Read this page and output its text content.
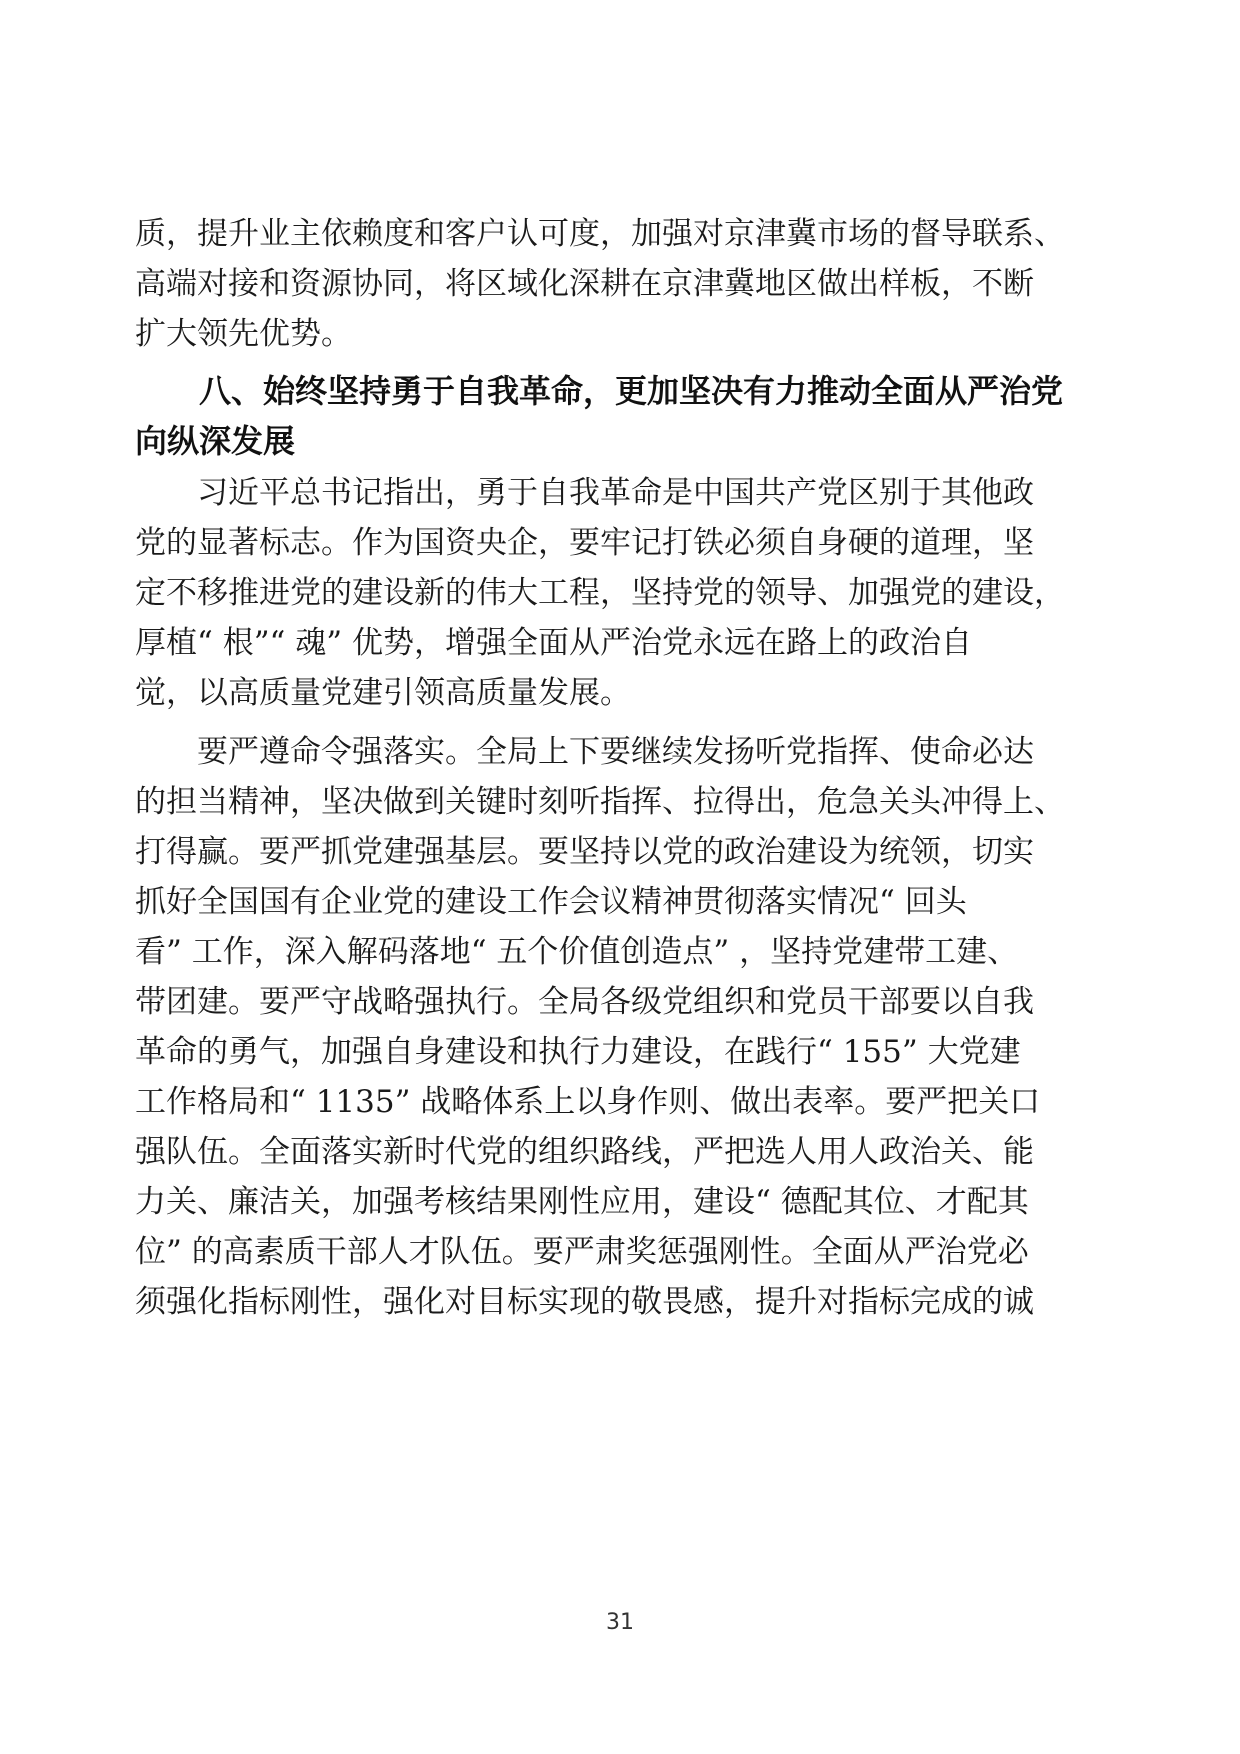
质，提升业主依赖度和客户认可度，加强对京津冀市场的督导联系、
高端对接和资源协同，将区域化深耕在京津冀地区做出样板，不断
扩大领先优势。
　　八、始终坚持勇于自我革命，更加坚决有力推动全面从严治党
向纵深发展
　　习近平总书记指出，勇于自我革命是中国共产党区别于其他政
党的显著标志。作为国资央企，要牢记打铁必须自身硬的道理，坚
定不移推进党的建设新的伟大工程，坚持党的领导、加强党的建设，
厚植“ 根”“ 魂” 优势，增强全面从严治党永远在路上的政治自
觉，以高质量党建引领高质量发展。
　　要严遵命令强落实。全局上下要继续发扬听党指挥、使命必达
的担当精神，坚决做到关键时刻听指挥、拉得出，危急关头冲得上、
打得赢。要严抓党建强基层。要坚持以党的政治建设为统领，切实
抓好全国国有企业党的建设工作会议精神贯彻落实情况“ 回头
看” 工作，深入解码落地“ 五个价值创造点” ，坚持党建带工建、
带团建。要严守战略强执行。全局各级党组织和党员干部要以自我
革命的勇气，加强自身建设和执行力建设，在践行“ 155” 大党建
工作格局和“ 1135” 战略体系上以身作则、做出表率。要严把关口
强队伍。全面落实新时代党的组织路线，严把选人用人政治关、能
力关、廉洁关，加强考核结果刚性应用，建设“ 德配其位、才配其
位” 的高素质干部人才队伍。要严肃奖惩强刚性。全面从严治党必
须强化指标刚性，强化对目标实现的敬畏感，提升对指标完成的诚
31
